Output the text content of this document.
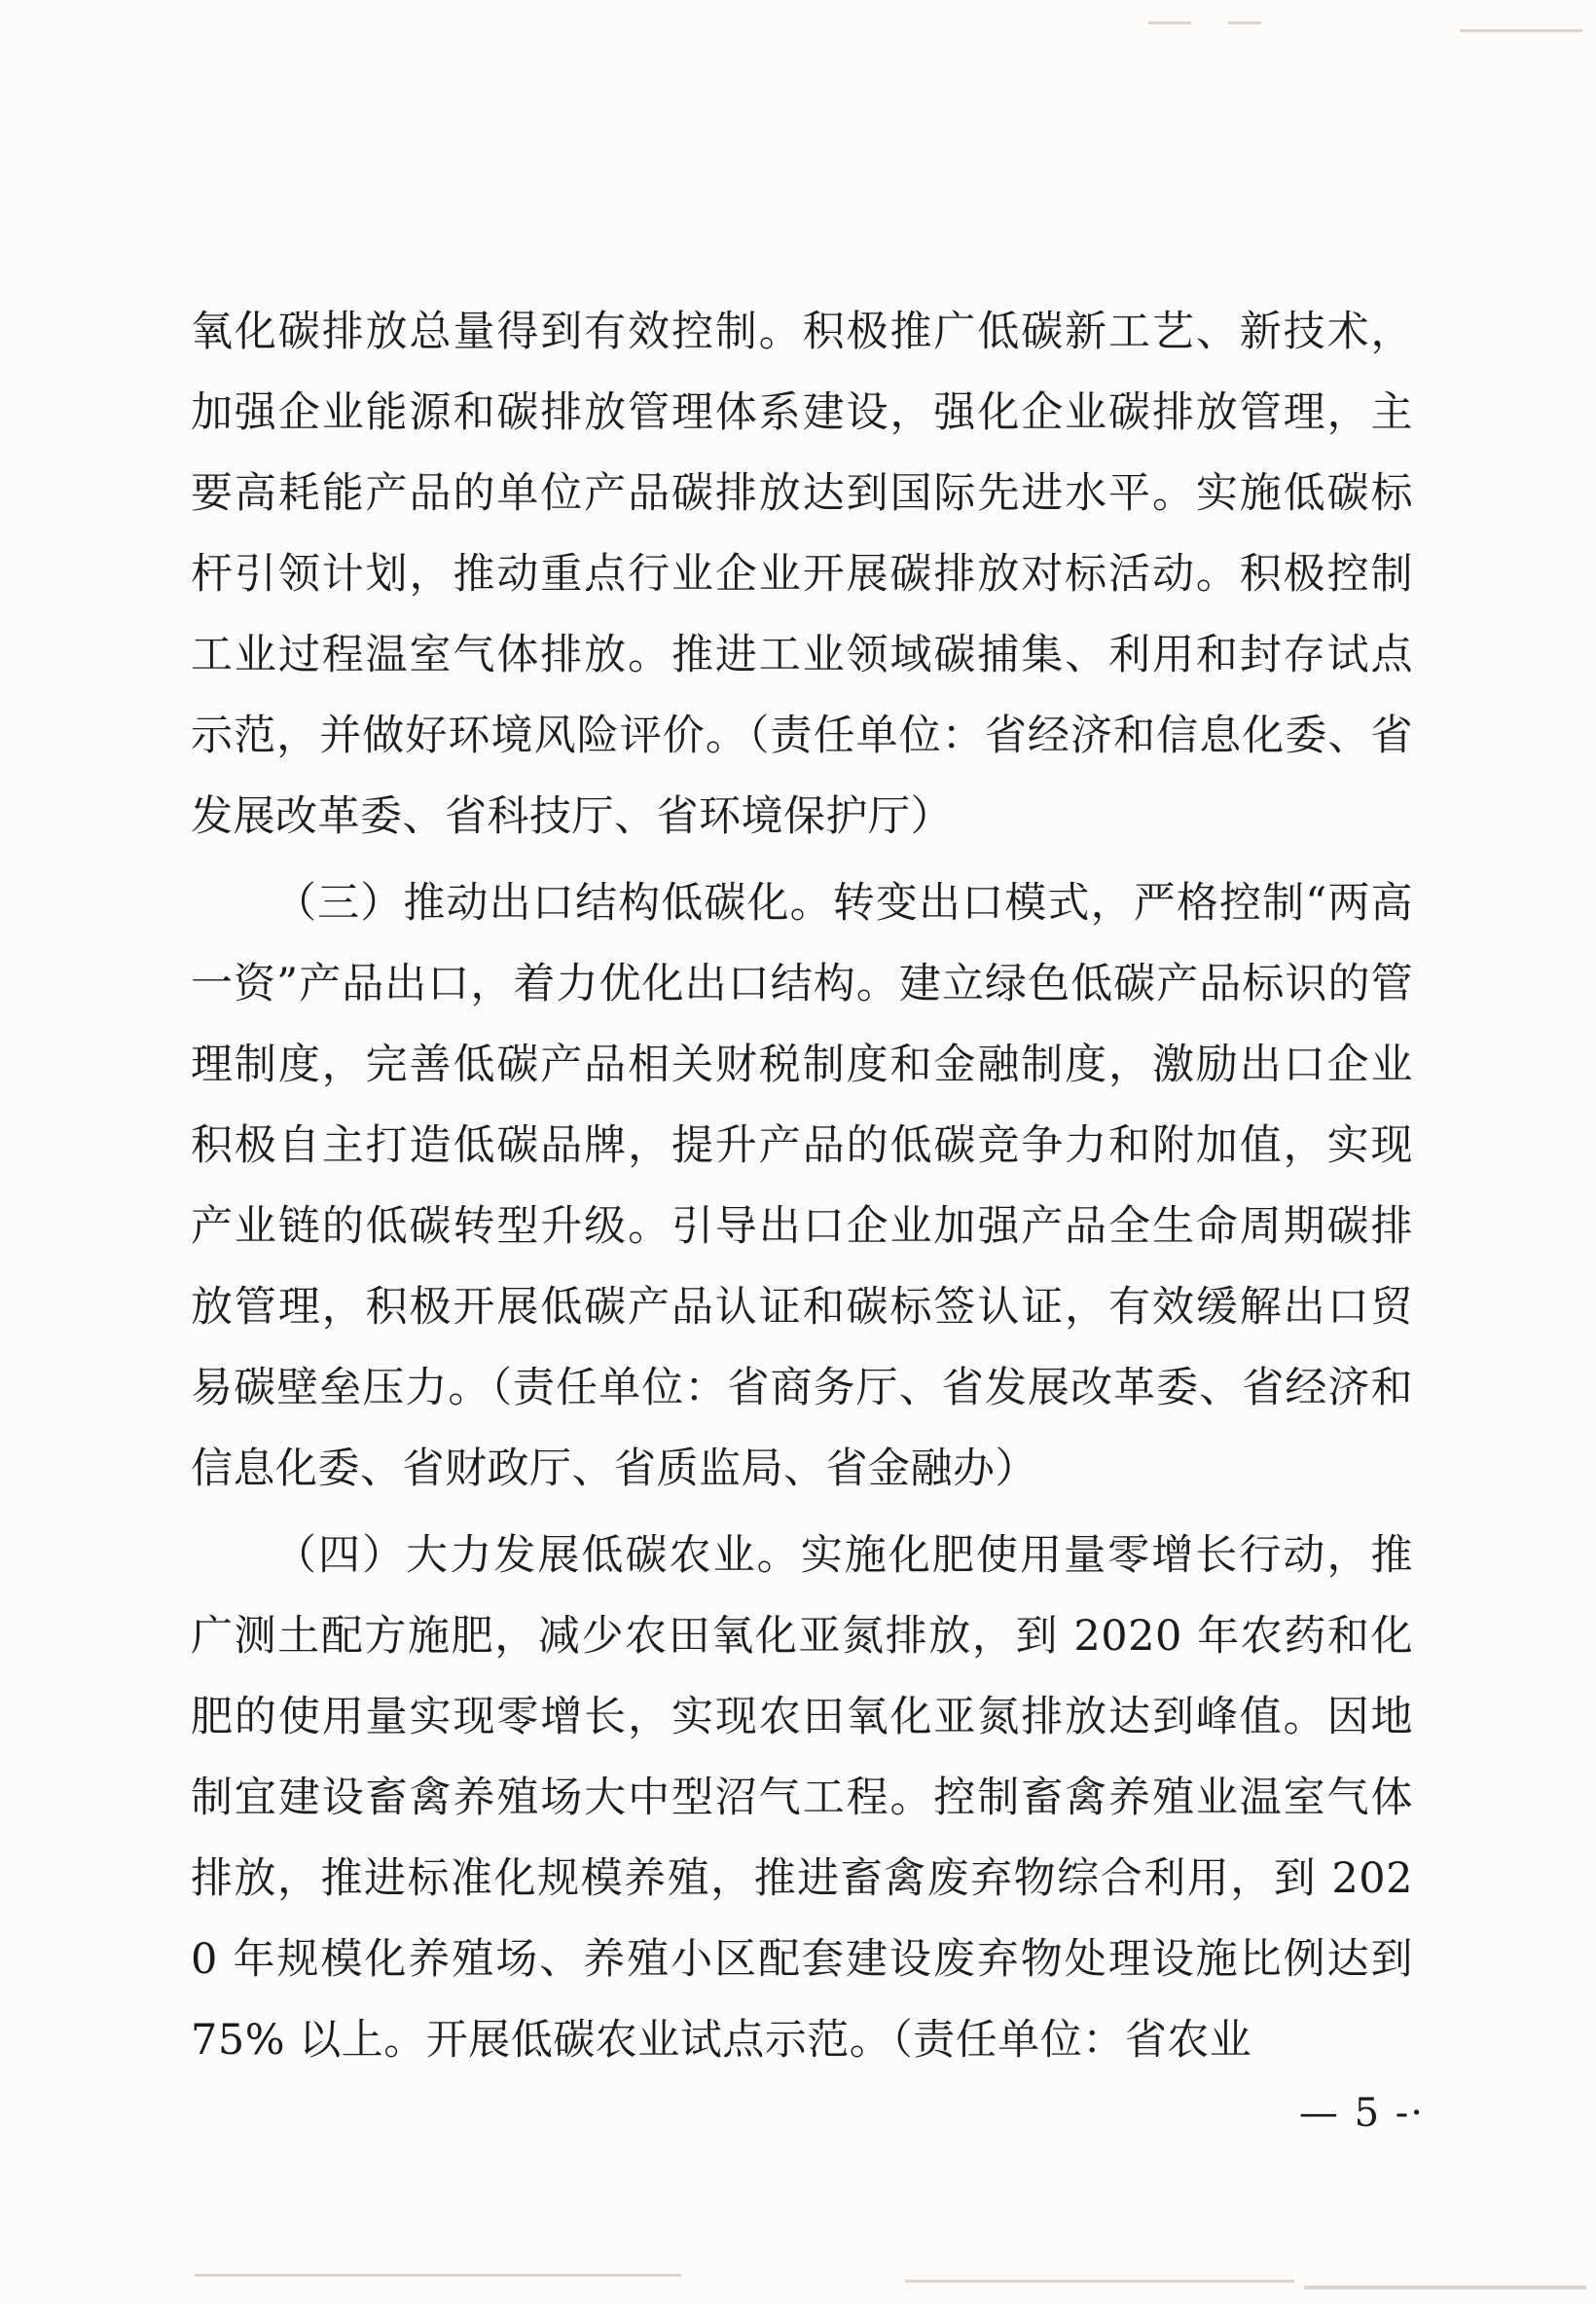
氧化碳排放总量得到有效控制。积极推广低碳新工艺、新技术，加强企业能源和碳排放管理体系建设，强化企业碳排放管理，主要高耗能产品的单位产品碳排放达到国际先进水平。实施低碳标杆引领计划，推动重点行业企业开展碳排放对标活动。积极控制工业过程温室气体排放。推进工业领域碳捕集、利用和封存试点示范，并做好环境风险评价。（责任单位：省经济和信息化委、省发展改革委、省科技厅、省环境保护厅）

（三）推动出口结构低碳化。转变出口模式，严格控制“两高一资”产品出口，着力优化出口结构。建立绿色低碳产品标识的管理制度，完善低碳产品相关财税制度和金融制度，激励出口企业积极自主打造低碳品牌，提升产品的低碳竞争力和附加值，实现产业链的低碳转型升级。引导出口企业加强产品全生命周期碳排放管理，积极开展低碳产品认证和碳标签认证，有效缓解出口贸易碳壁垒压力。（责任单位：省商务厅、省发展改革委、省经济和信息化委、省财政厅、省质监局、省金融办）

（四）大力发展低碳农业。实施化肥使用量零增长行动，推广测土配方施肥，减少农田氧化亚氮排放，到 2020 年农药和化肥的使用量实现零增长，实现农田氧化亚氮排放达到峰值。因地制宜建设畜禽养殖场大中型沼气工程。控制畜禽养殖业温室气体排放，推进标准化规模养殖，推进畜禽废弃物综合利用，到 2020 年规模化养殖场、养殖小区配套建设废弃物处理设施比例达到 75% 以上。开展低碳农业试点示范。（责任单位：省农业

— 5 -·
